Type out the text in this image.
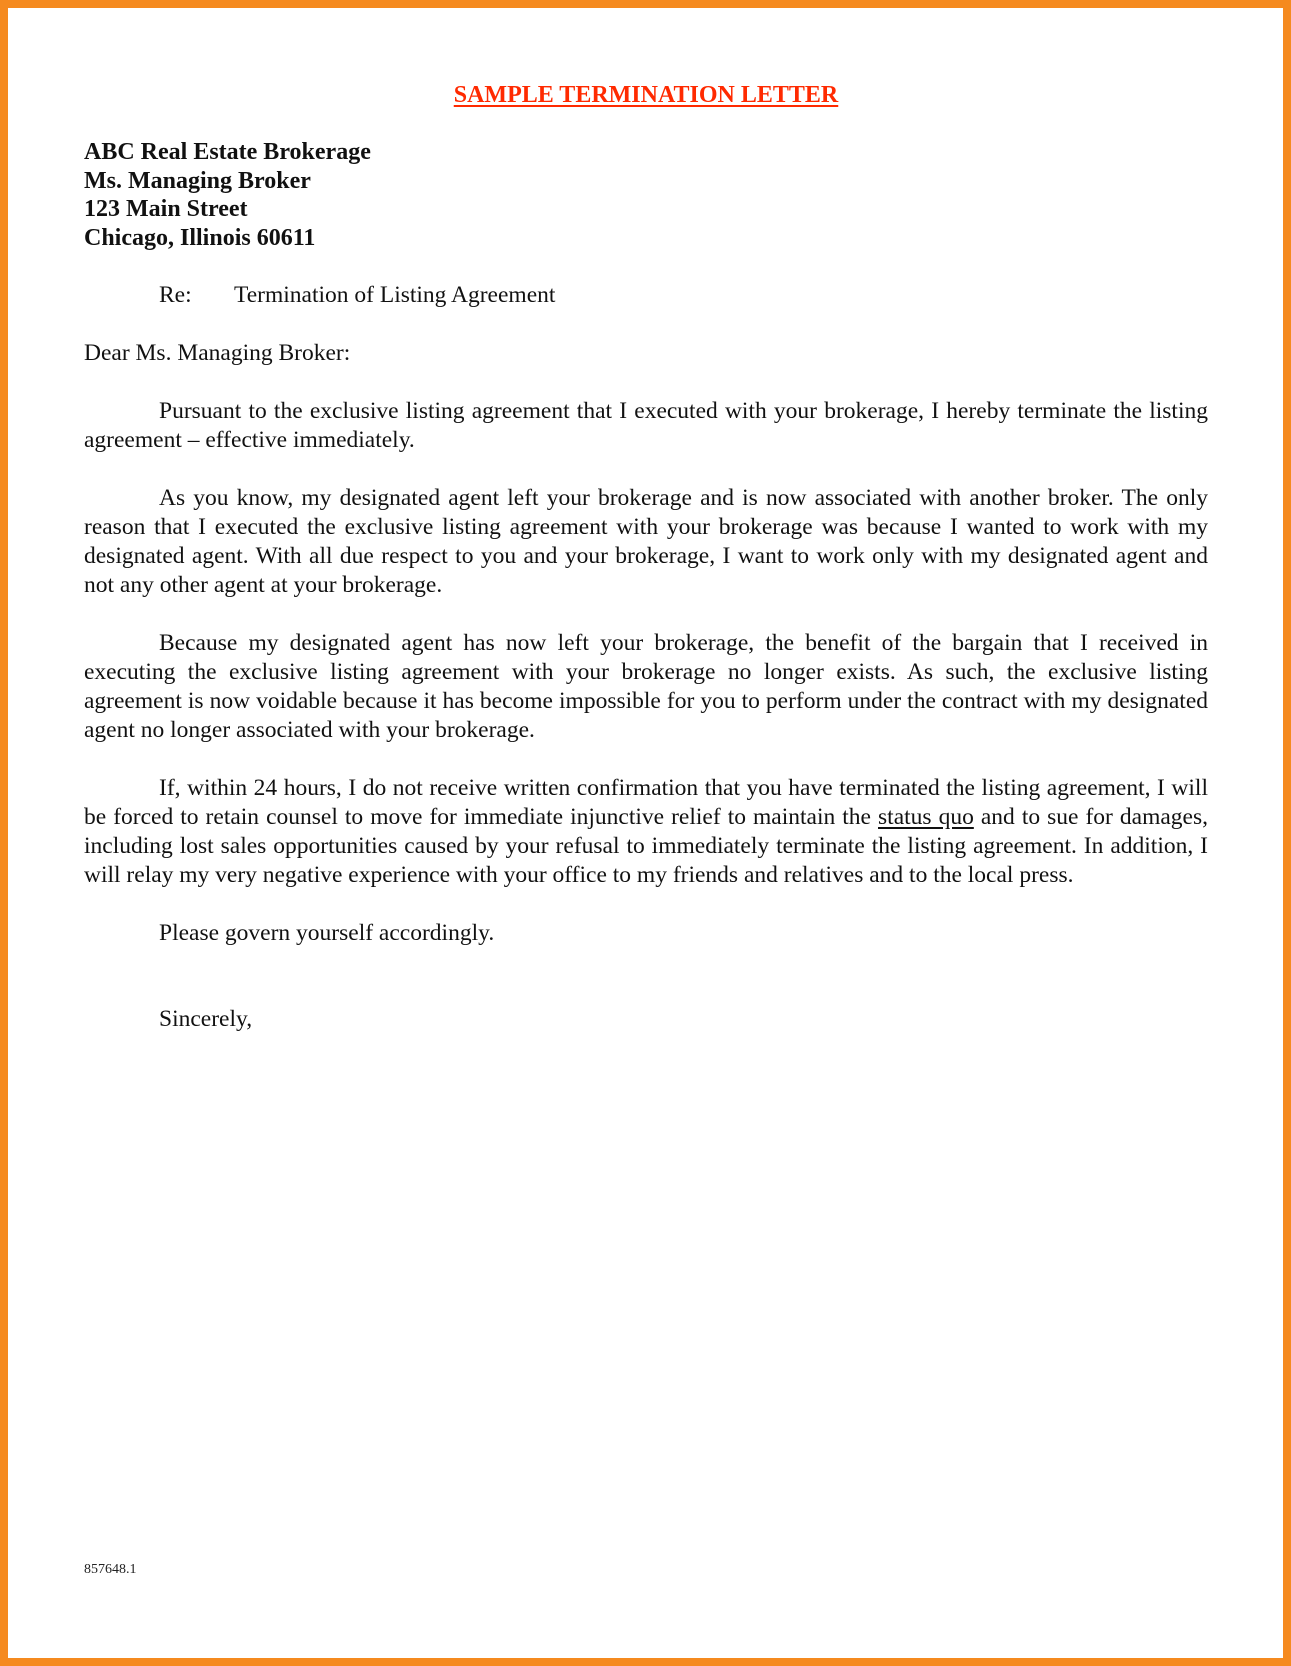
SAMPLE TERMINATION LETTER
ABC Real Estate Brokerage
Ms. Managing Broker
123 Main Street
Chicago, Illinois 60611
Re: Termination of Listing Agreement
Dear Ms. Managing Broker:
Pursuant to the exclusive listing agreement that I executed with your brokerage, I hereby terminate the listing agreement – effective immediately.
As you know, my designated agent left your brokerage and is now associated with another broker. The only reason that I executed the exclusive listing agreement with your brokerage was because I wanted to work with my designated agent. With all due respect to you and your brokerage, I want to work only with my designated agent and not any other agent at your brokerage.
Because my designated agent has now left your brokerage, the benefit of the bargain that I received in executing the exclusive listing agreement with your brokerage no longer exists. As such, the exclusive listing agreement is now voidable because it has become impossible for you to perform under the contract with my designated agent no longer associated with your brokerage.
If, within 24 hours, I do not receive written confirmation that you have terminated the listing agreement, I will be forced to retain counsel to move for immediate injunctive relief to maintain the status quo and to sue for damages, including lost sales opportunities caused by your refusal to immediately terminate the listing agreement. In addition, I will relay my very negative experience with your office to my friends and relatives and to the local press.
Please govern yourself accordingly.
Sincerely,
857648.1
